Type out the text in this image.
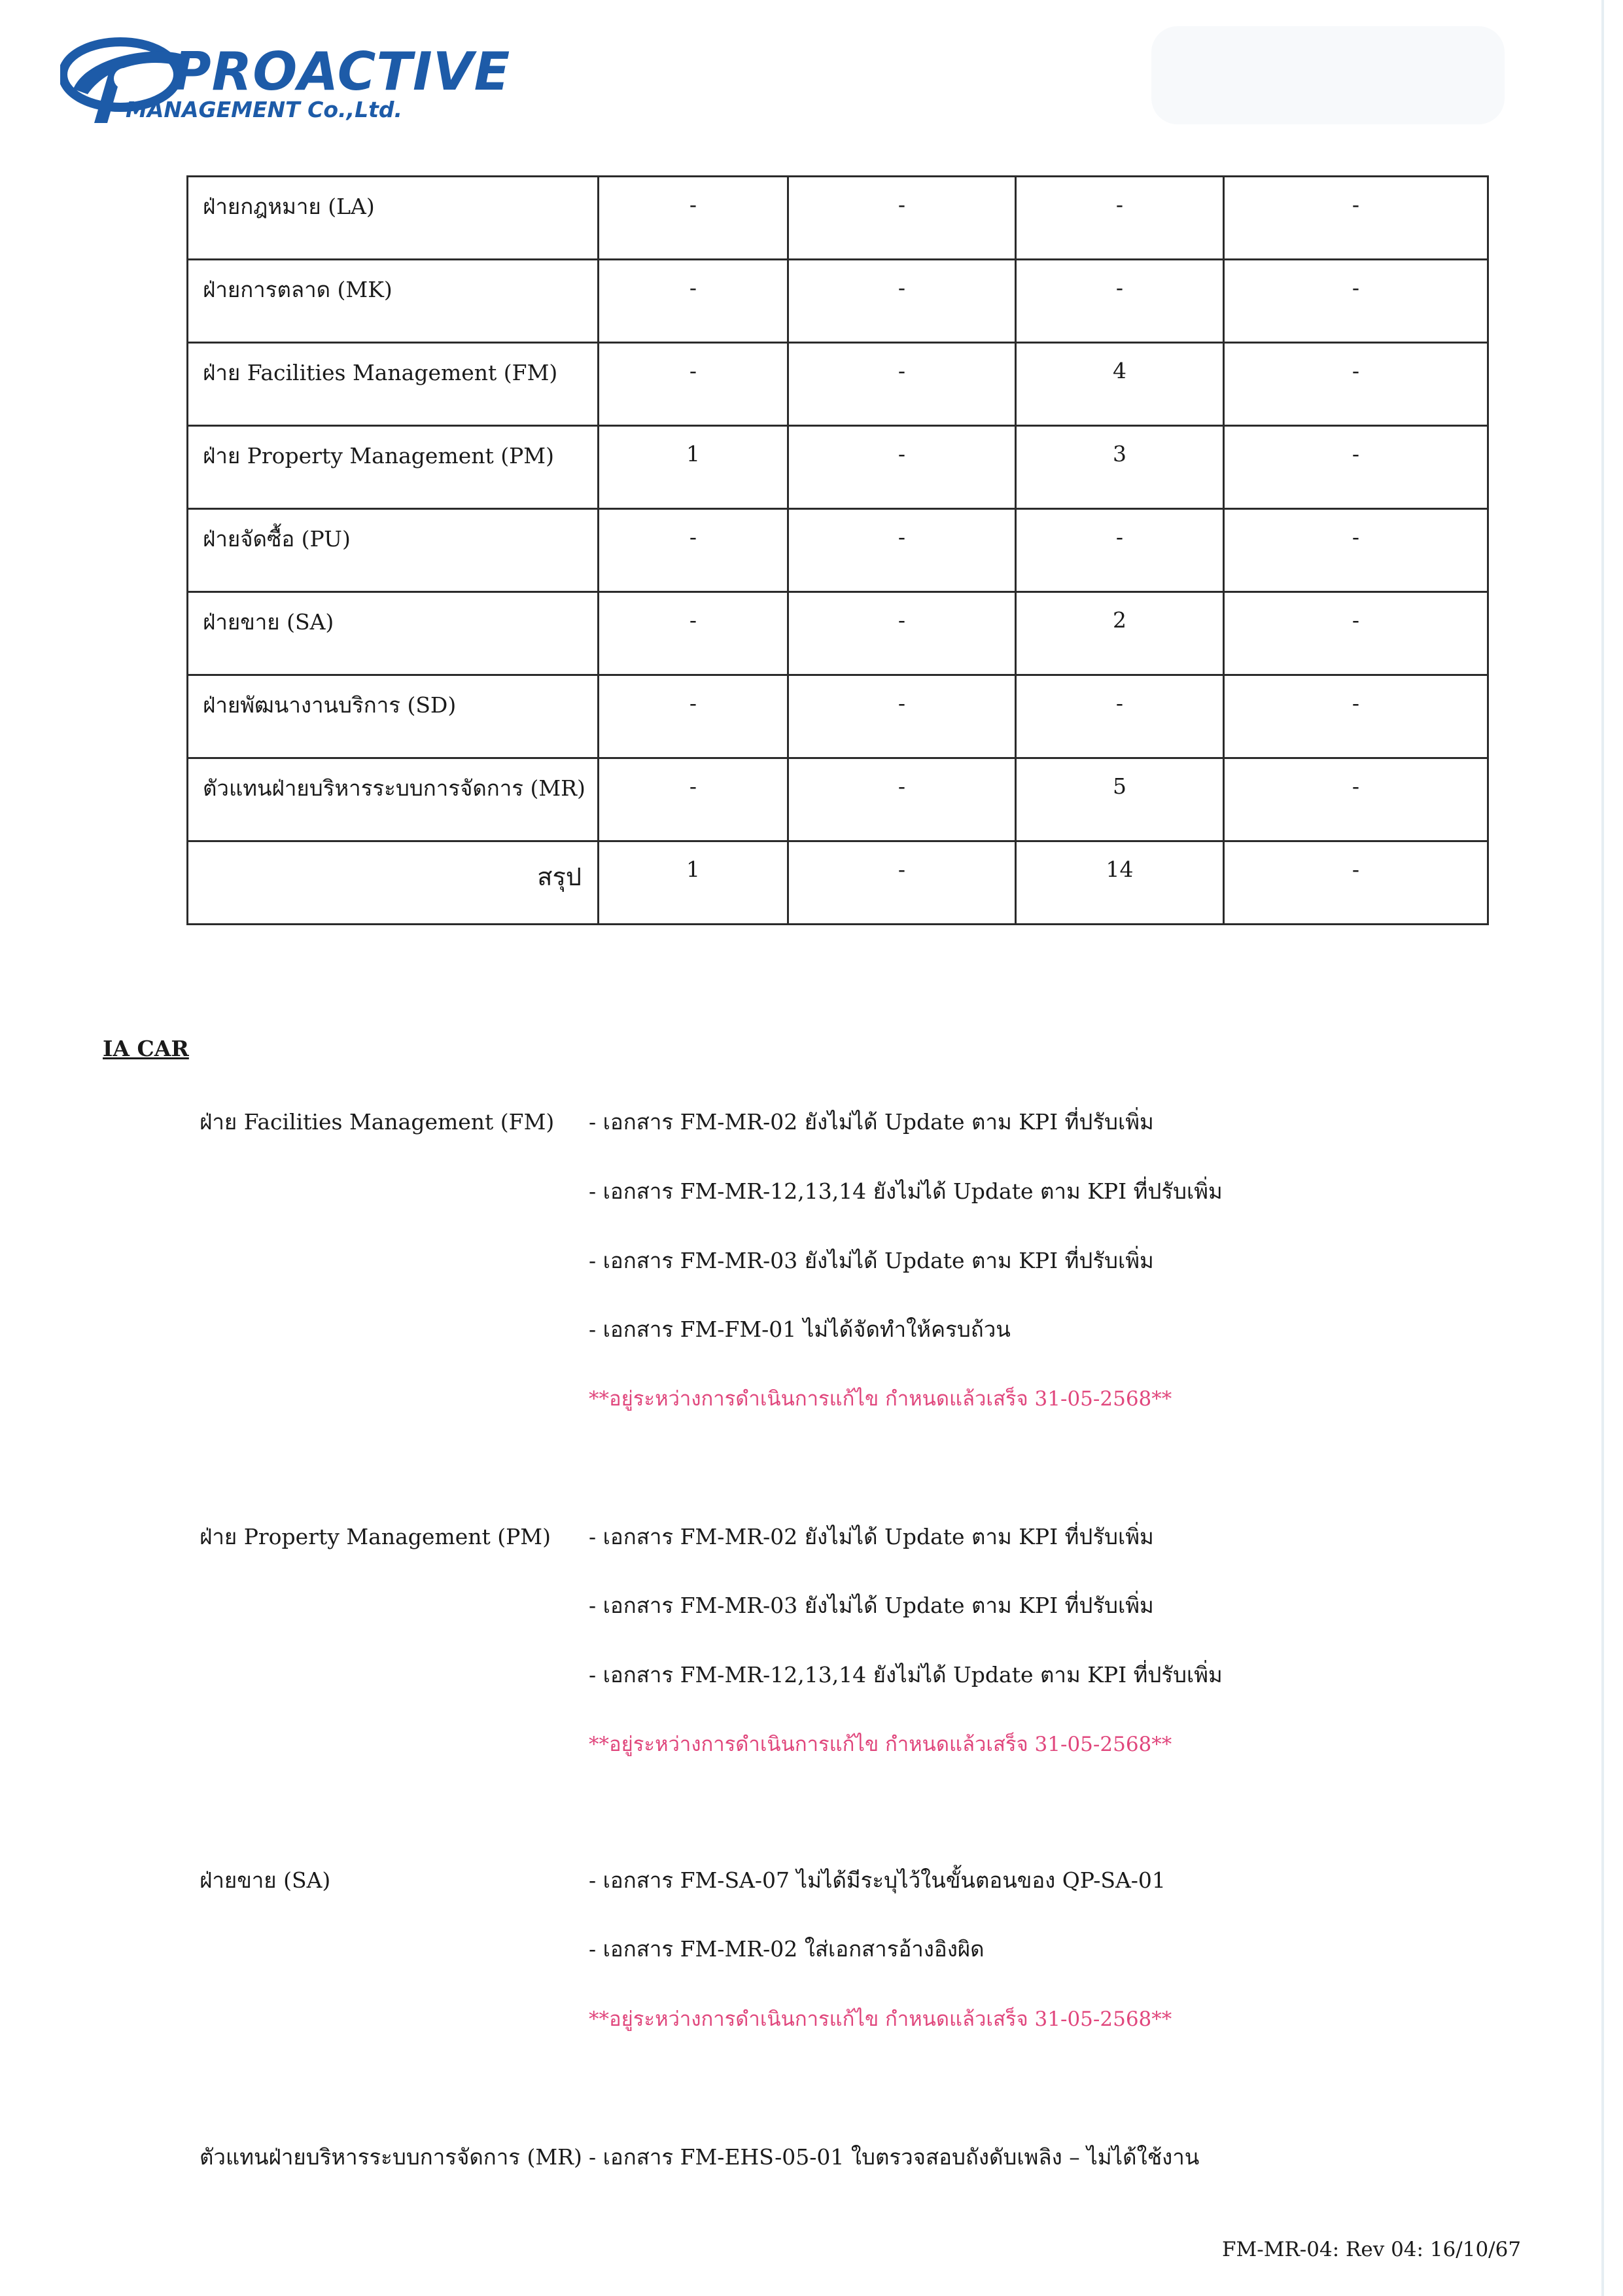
PROACTIVE
MANAGEMENT Co.,Ltd.
ฝ่ายกฎหมาย (LA)	-	-	-	-
ฝ่ายการตลาด (MK)	-	-	-	-
ฝ่าย Facilities Management (FM)	-	-	4	-
ฝ่าย Property Management (PM)	1	-	3	-
ฝ่ายจัดซื้อ (PU)	-	-	-	-
ฝ่ายขาย (SA)	-	-	2	-
ฝ่ายพัฒนางานบริการ (SD)	-	-	-	-
ตัวแทนฝ่ายบริหารระบบการจัดการ (MR)	-	-	5	-
สรุป	1	-	14	-
IA CAR
ฝ่าย Facilities Management (FM) - เอกสาร FM-MR-02 ยังไม่ได้ Update ตาม KPI ที่ปรับเพิ่ม
- เอกสาร FM-MR-12,13,14 ยังไม่ได้ Update ตาม KPI ที่ปรับเพิ่ม
- เอกสาร FM-MR-03 ยังไม่ได้ Update ตาม KPI ที่ปรับเพิ่ม
- เอกสาร FM-FM-01 ไม่ได้จัดทำให้ครบถ้วน
**อยู่ระหว่างการดำเนินการแก้ไข กำหนดแล้วเสร็จ 31-05-2568**
ฝ่าย Property Management (PM) - เอกสาร FM-MR-02 ยังไม่ได้ Update ตาม KPI ที่ปรับเพิ่ม
- เอกสาร FM-MR-03 ยังไม่ได้ Update ตาม KPI ที่ปรับเพิ่ม
- เอกสาร FM-MR-12,13,14 ยังไม่ได้ Update ตาม KPI ที่ปรับเพิ่ม
**อยู่ระหว่างการดำเนินการแก้ไข กำหนดแล้วเสร็จ 31-05-2568**
ฝ่ายขาย (SA)	- เอกสาร FM-SA-07 ไม่ได้มีระบุไว้ในขั้นตอนของ QP-SA-01
- เอกสาร FM-MR-02 ใส่เอกสารอ้างอิงผิด
**อยู่ระหว่างการดำเนินการแก้ไข กำหนดแล้วเสร็จ 31-05-2568**
ตัวแทนฝ่ายบริหารระบบการจัดการ (MR) - เอกสาร FM-EHS-05-01 ใบตรวจสอบถังดับเพลิง – ไม่ได้ใช้งาน
FM-MR-04: Rev 04: 16/10/67
